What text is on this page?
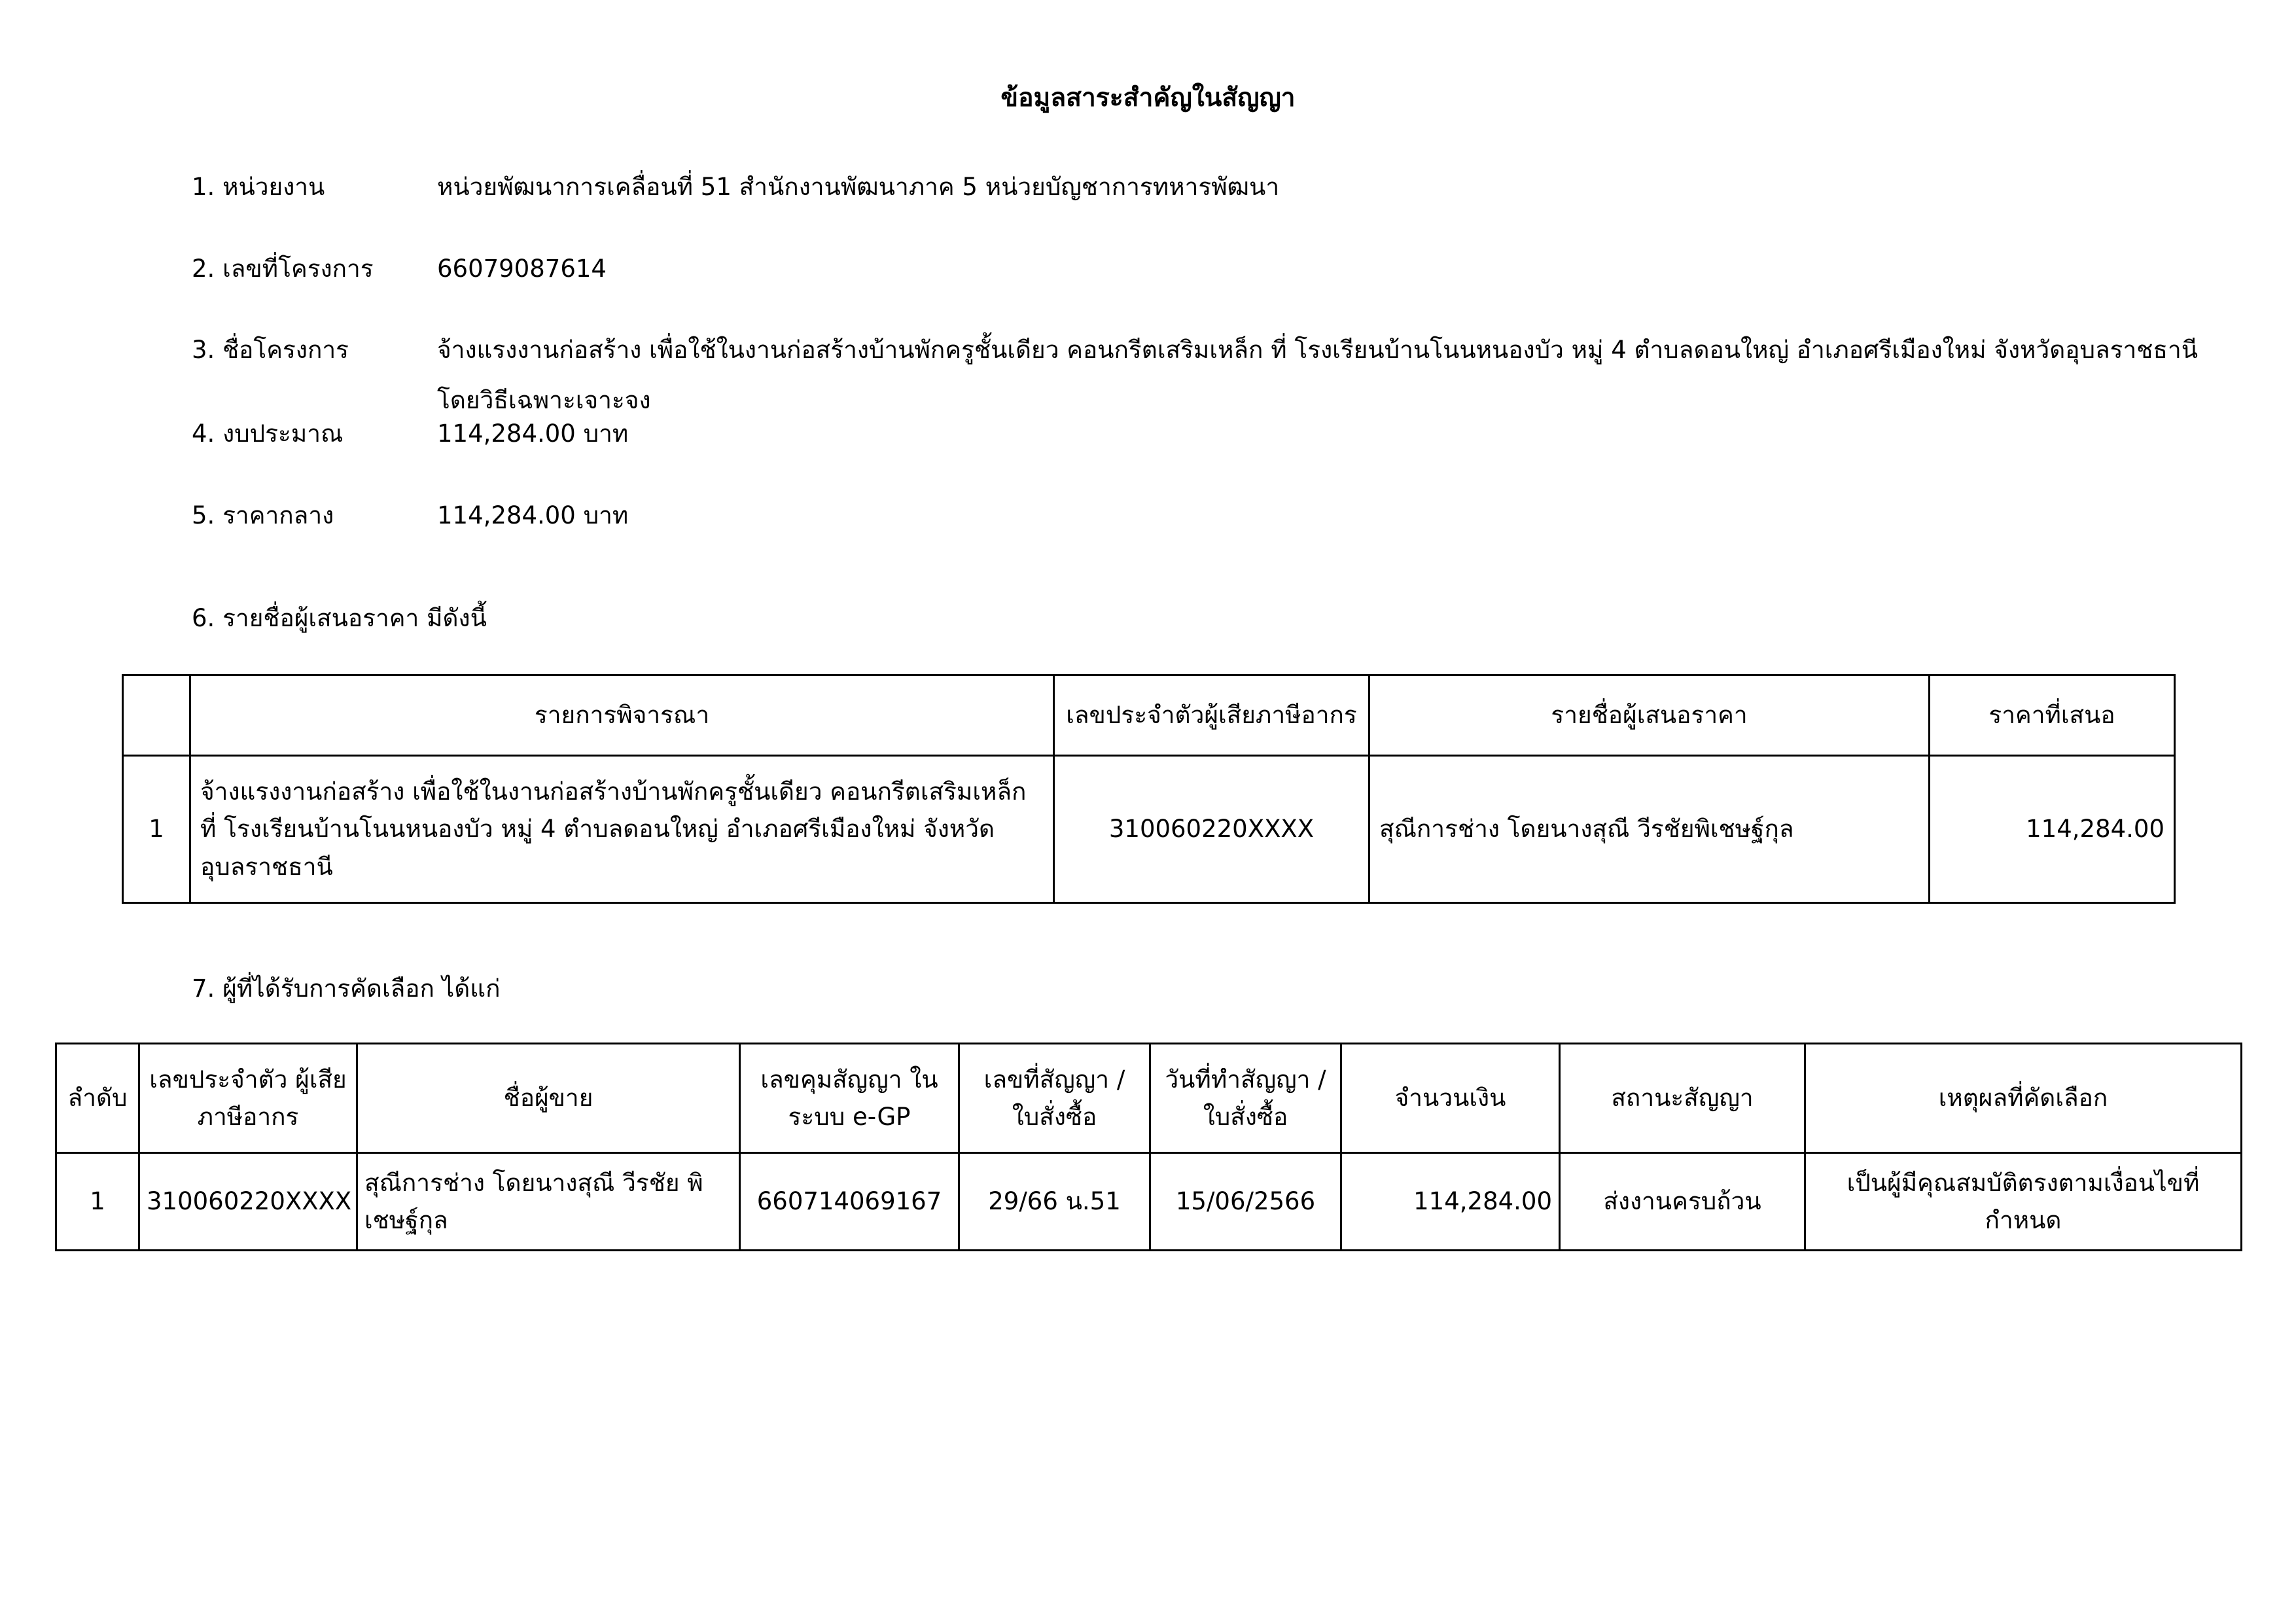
ข้อมูลสาระสำคัญในสัญญา
1. หน่วยงาน	หน่วยพัฒนาการเคลื่อนที่ 51 สำนักงานพัฒนาภาค 5 หน่วยบัญชาการทหารพัฒนา
2. เลขที่โครงการ	66079087614
3. ชื่อโครงการ	จ้างแรงงานก่อสร้าง เพื่อใช้ในงานก่อสร้างบ้านพักครูชั้นเดียว คอนกรีตเสริมเหล็ก ที่ โรงเรียนบ้านโนนหนองบัว หมู่ 4 ตำบลดอนใหญ่ อำเภอศรีเมืองใหม่ จังหวัดอุบลราชธานี
โดยวิธีเฉพาะเจาะจง
4. งบประมาณ	114,284.00 บาท
5. ราคากลาง	114,284.00 บาท
6. รายชื่อผู้เสนอราคา มีดังนี้
	รายการพิจารณา	เลขประจำตัวผู้เสียภาษีอากร	รายชื่อผู้เสนอราคา	ราคาที่เสนอ
1	จ้างแรงงานก่อสร้าง เพื่อใช้ในงานก่อสร้างบ้านพักครูชั้นเดียว คอนกรีตเสริมเหล็ก ที่ โรงเรียนบ้านโนนหนองบัว หมู่ 4 ตำบลดอนใหญ่ อำเภอศรีเมืองใหม่ จังหวัด อุบลราชธานี	310060220XXXX	สุณีการช่าง โดยนางสุณี วีรชัยพิเชษฐ์กุล	114,284.00
7. ผู้ที่ได้รับการคัดเลือก ได้แก่
ลำดับ	เลขประจำตัว ผู้เสียภาษีอากร	ชื่อผู้ขาย	เลขคุมสัญญา ในระบบ e-GP	เลขที่สัญญา / ใบสั่งซื้อ	วันที่ทำสัญญา / ใบสั่งซื้อ	จำนวนเงิน	สถานะสัญญา	เหตุผลที่คัดเลือก
1	310060220XXXX	สุณีการช่าง โดยนางสุณี วีรชัย พิเชษฐ์กุล	660714069167	29/66 น.51	15/06/2566	114,284.00	ส่งงานครบถ้วน	เป็นผู้มีคุณสมบัติตรงตามเงื่อนไขที่กำหนด
